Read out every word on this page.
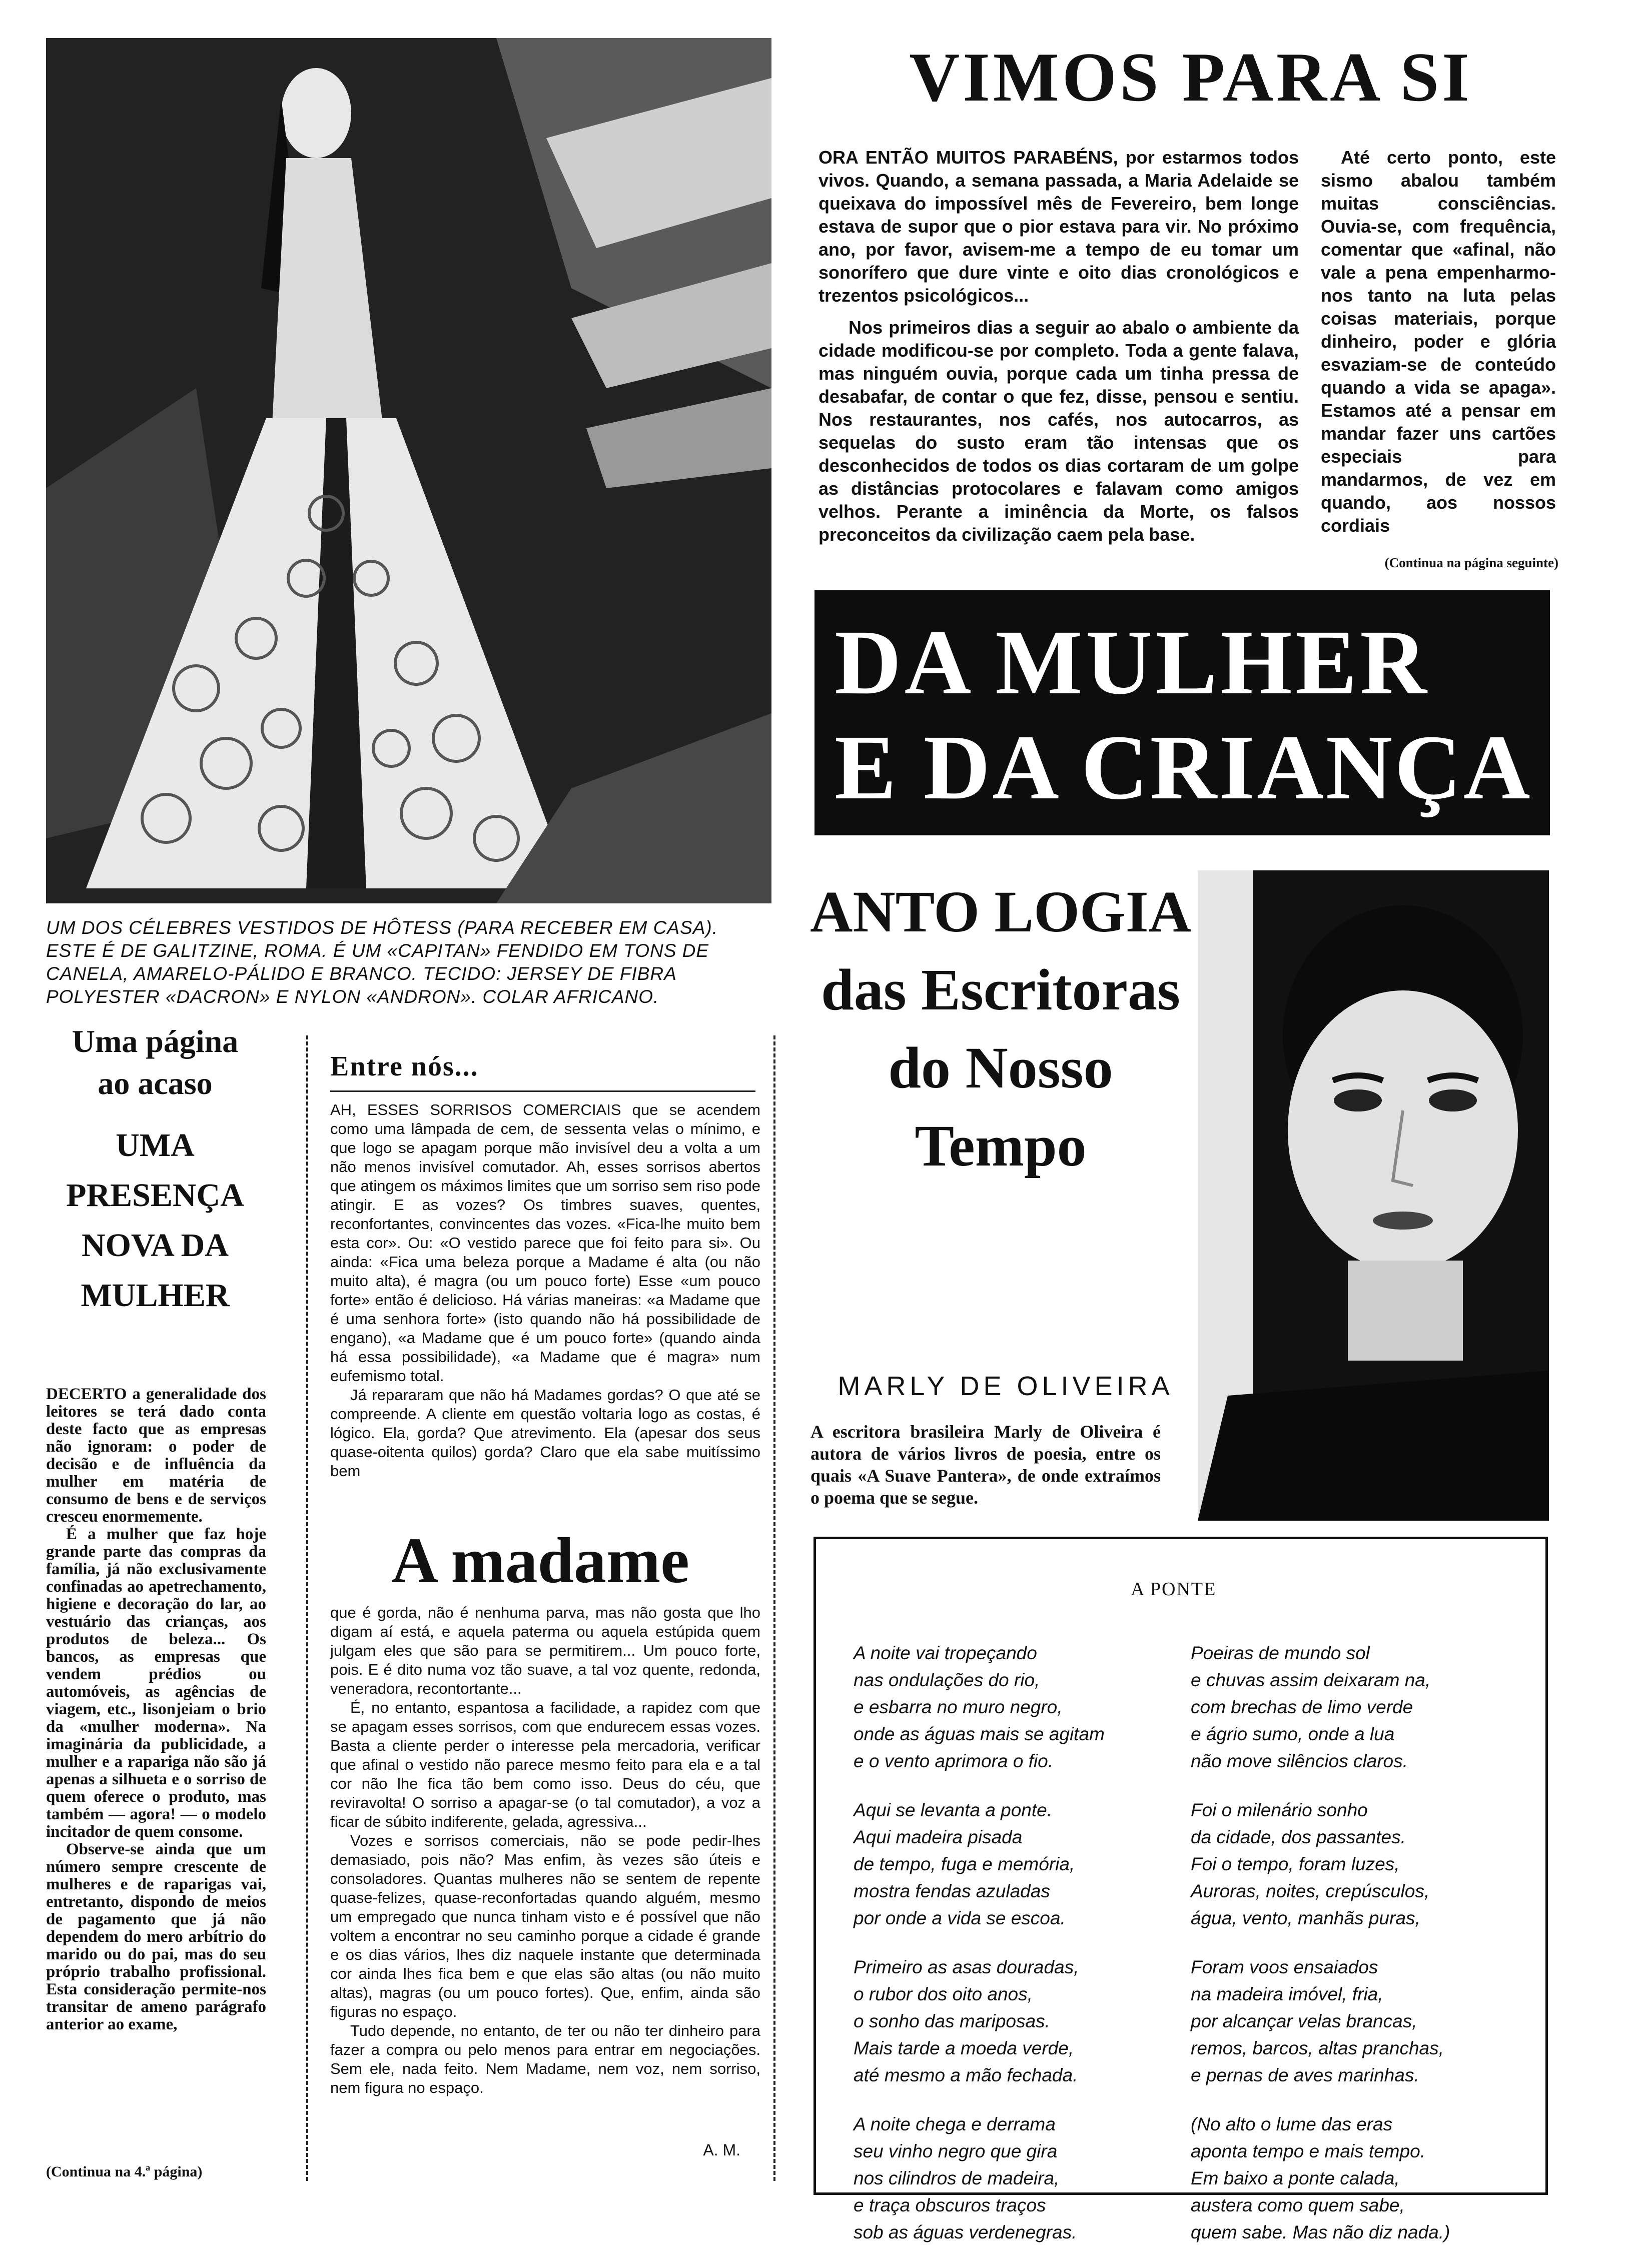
UM DOS CÉLEBRES VESTIDOS DE HÔTESS (PARA RECEBER EM CASA). ESTE É DE GALITZINE, ROMA. É UM «CAPITAN» FENDIDO EM TONS DE CANELA, AMARELO-PÁLIDO E BRANCO. TECIDO: JERSEY DE FIBRA POLYESTER «DACRON» E NYLON «ANDRON». COLAR AFRICANO.
VIMOS PARA SI
ORA ENTÃO MUITOS PARABÉNS, por estarmos todos vivos. Quando, a semana passada, a Maria Adelaide se queixava do impossível mês de Fevereiro, bem longe estava de supor que o pior estava para vir. No próximo ano, por favor, avisem-me a tempo de eu tomar um sonorífero que dure vinte e oito dias cronológicos e trezentos psicológicos...
Nos primeiros dias a seguir ao abalo o ambiente da cidade modificou-se por completo. Toda a gente falava, mas ninguém ouvia, porque cada um tinha pressa de desabafar, de contar o que fez, disse, pensou e sentiu. Nos restaurantes, nos cafés, nos autocarros, as sequelas do susto eram tão intensas que os desconhecidos de todos os dias cortaram de um golpe as distâncias protocolares e falavam como amigos velhos. Perante a iminência da Morte, os falsos preconceitos da civilização caem pela base.
Até certo ponto, este sismo abalou também muitas consciências. Ouvia-se, com frequência, comentar que «afinal, não vale a pena empenharmo-nos tanto na luta pelas coisas materiais, porque dinheiro, poder e glória esvaziam-se de conteúdo quando a vida se apaga». Estamos até a pensar em mandar fazer uns cartões especiais para mandarmos, de vez em quando, aos nossos cordiais
(Continua na página seguinte)
DA MULHER
E DA CRIANÇA
Uma página ao acaso
UMA PRESENÇA NOVA DA MULHER
DECERTO a generalidade dos leitores se terá dado conta deste facto que as empresas não ignoram: o poder de decisão e de influência da mulher em matéria de consumo de bens e de serviços cresceu enormemente.
É a mulher que faz hoje grande parte das compras da família, já não exclusivamente confinadas ao apetrechamento, higiene e decoração do lar, ao vestuário das crianças, aos produtos de beleza... Os bancos, as empresas que vendem prédios ou automóveis, as agências de viagem, etc., lisonjeiam o brio da «mulher moderna». Na imaginária da publicidade, a mulher e a rapariga não são já apenas a silhueta e o sorriso de quem oferece o produto, mas também — agora! — o modelo incitador de quem consome.
Observe-se ainda que um número sempre crescente de mulheres e de raparigas vai, entretanto, dispondo de meios de pagamento que já não dependem do mero arbítrio do marido ou do pai, mas do seu próprio trabalho profissional. Esta consideração permite-nos transitar de ameno parágrafo anterior ao exame,
(Continua na 4.ª página)
Entre nós...
AH, ESSES SORRISOS COMERCIAIS que se acendem como uma lâmpada de cem, de sessenta velas o mínimo, e que logo se apagam porque mão invisível deu a volta a um não menos invisível comutador. Ah, esses sorrisos abertos que atingem os máximos limites que um sorriso sem riso pode atingir. E as vozes? Os timbres suaves, quentes, reconfortantes, convincentes das vozes. «Fica-lhe muito bem esta cor». Ou: «O vestido parece que foi feito para si». Ou ainda: «Fica uma beleza porque a Madame é alta (ou não muito alta), é magra (ou um pouco forte) Esse «um pouco forte» então é delicioso. Há várias maneiras: «a Madame que é uma senhora forte» (isto quando não há possibilidade de engano), «a Madame que é um pouco forte» (quando ainda há essa possibilidade), «a Madame que é magra» num eufemismo total.
Já repararam que não há Madames gordas? O que até se compreende. A cliente em questão voltaria logo as costas, é lógico. Ela, gorda? Que atrevimento. Ela (apesar dos seus quase-oitenta quilos) gorda? Claro que ela sabe muitíssimo bem
A madame
que é gorda, não é nenhuma parva, mas não gosta que lho digam aí está, e aquela paterma ou aquela estúpida quem julgam eles que são para se permitirem... Um pouco forte, pois. E é dito numa voz tão suave, a tal voz quente, redonda, veneradora, recontortante...
É, no entanto, espantosa a facilidade, a rapidez com que se apagam esses sorrisos, com que endurecem essas vozes. Basta a cliente perder o interesse pela mercadoria, verificar que afinal o vestido não parece mesmo feito para ela e a tal cor não lhe fica tão bem como isso. Deus do céu, que reviravolta! O sorriso a apagar-se (o tal comutador), a voz a ficar de súbito indiferente, gelada, agressiva...
Vozes e sorrisos comerciais, não se pode pedir-lhes demasiado, pois não? Mas enfim, às vezes são úteis e consoladores. Quantas mulheres não se sentem de repente quase-felizes, quase-reconfortadas quando alguém, mesmo um empregado que nunca tinham visto e é possível que não voltem a encontrar no seu caminho porque a cidade é grande e os dias vários, lhes diz naquele instante que determinada cor ainda lhes fica bem e que elas são altas (ou não muito altas), magras (ou um pouco fortes). Que, enfim, ainda são figuras no espaço.
Tudo depende, no entanto, de ter ou não ter dinheiro para fazer a compra ou pelo menos para entrar em negociações. Sem ele, nada feito. Nem Madame, nem voz, nem sorriso, nem figura no espaço.
A. M.
ANTO LOGIA das Escritoras do Nosso Tempo
MARLY DE OLIVEIRA
A escritora brasileira Marly de Oliveira é autora de vários livros de poesia, entre os quais «A Suave Pantera», de onde extraímos o poema que se segue.
A PONTE
A noite vai tropeçando
nas ondulações do rio,
e esbarra no muro negro,
onde as águas mais se agitam
e o vento aprimora o fio.
Aqui se levanta a ponte.
Aqui madeira pisada
de tempo, fuga e memória,
mostra fendas azuladas
por onde a vida se escoa.
Primeiro as asas douradas,
o rubor dos oito anos,
o sonho das mariposas.
Mais tarde a moeda verde,
até mesmo a mão fechada.
A noite chega e derrama
seu vinho negro que gira
nos cilindros de madeira,
e traça obscuros traços
sob as águas verdenegras.
Poeiras de mundo sol
e chuvas assim deixaram na,
com brechas de limo verde
e ágrio sumo, onde a lua
não move silêncios claros.
Foi o milenário sonho
da cidade, dos passantes.
Foi o tempo, foram luzes,
Auroras, noites, crepúsculos,
água, vento, manhãs puras,
Foram voos ensaiados
na madeira imóvel, fria,
por alcançar velas brancas,
remos, barcos, altas pranchas,
e pernas de aves marinhas.
(No alto o lume das eras
aponta tempo e mais tempo.
Em baixo a ponte calada,
austera como quem sabe,
quem sabe. Mas não diz nada.)
